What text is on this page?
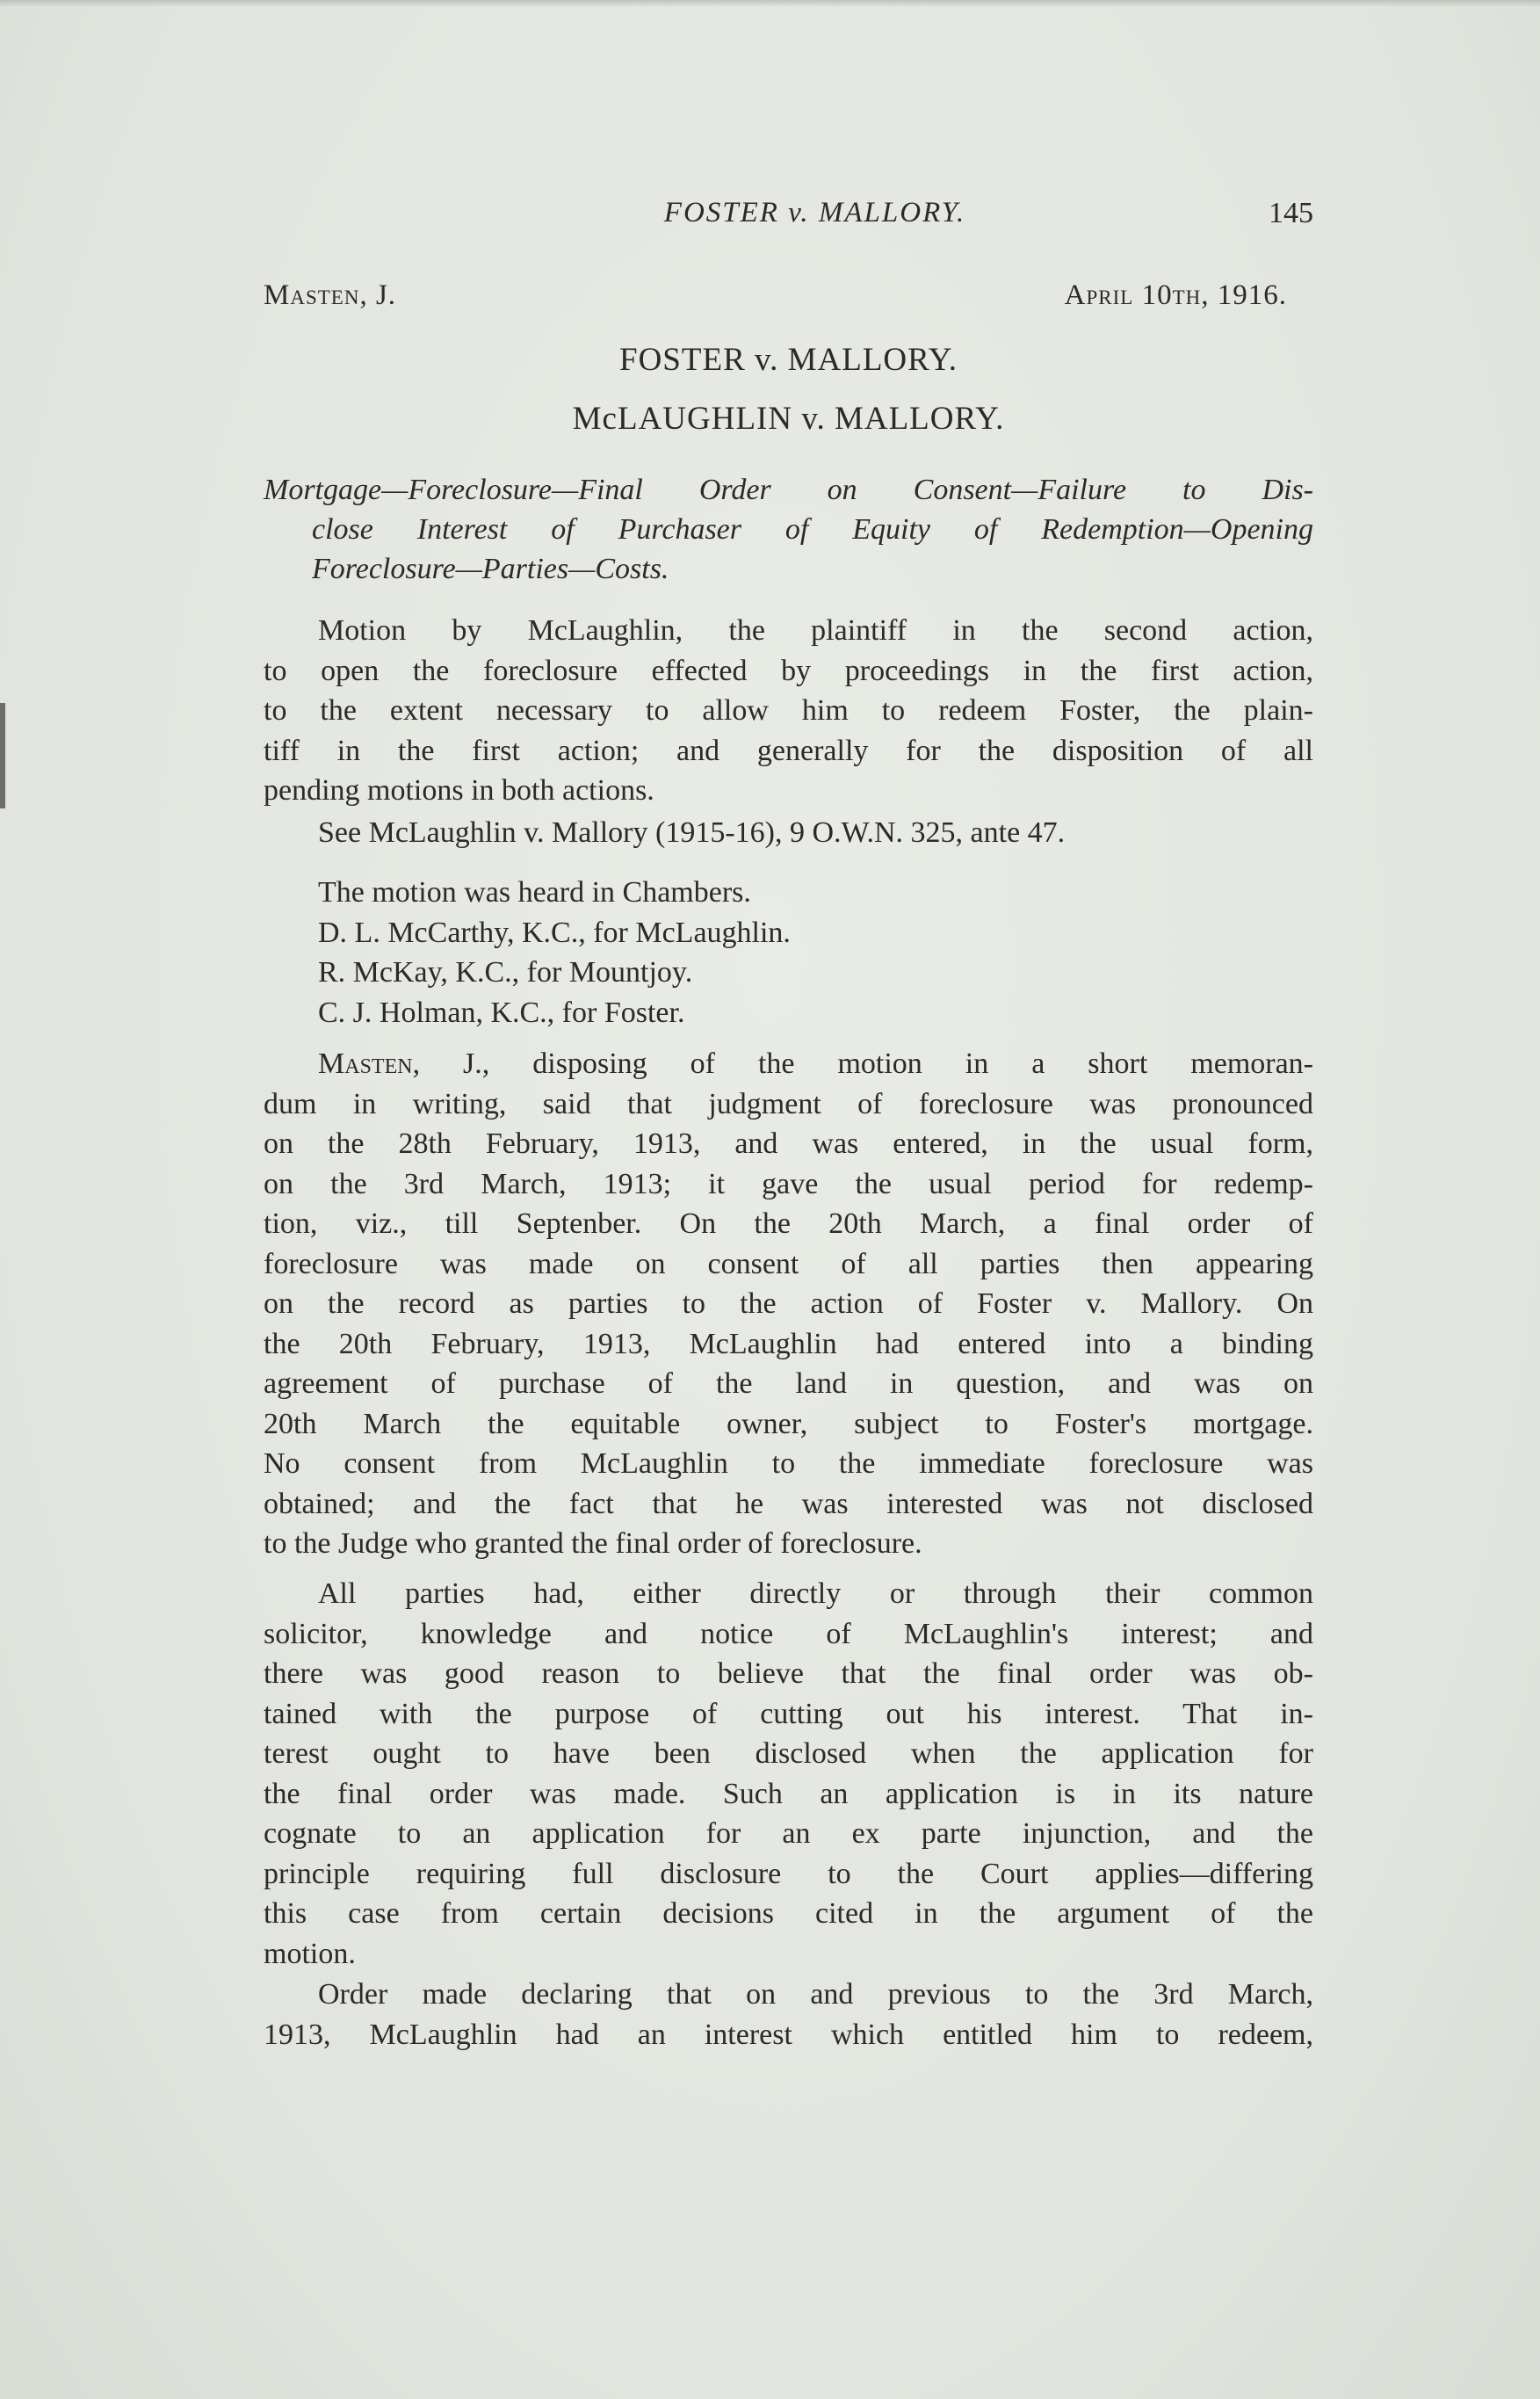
FOSTER v. MALLORY.	145
Masten, J.	April 10th, 1916.
FOSTER v. MALLORY.
McLAUGHLIN v. MALLORY.
Mortgage—Foreclosure—Final Order on Consent—Failure to Dis-
close Interest of Purchaser of Equity of Redemption—Opening
Foreclosure—Parties—Costs.
Motion by McLaughlin, the plaintiff in the second action,
to open the foreclosure effected by proceedings in the first action,
to the extent necessary to allow him to redeem Foster, the plain-
tiff in the first action; and generally for the disposition of all
pending motions in both actions.
See McLaughlin v. Mallory (1915-16), 9 O.W.N. 325, ante 47.
The motion was heard in Chambers.
D. L. McCarthy, K.C., for McLaughlin.
R. McKay, K.C., for Mountjoy.
C. J. Holman, K.C., for Foster.
Masten, J., disposing of the motion in a short memoran-
dum in writing, said that judgment of foreclosure was pronounced
on the 28th February, 1913, and was entered, in the usual form,
on the 3rd March, 1913; it gave the usual period for redemp-
tion, viz., till Septenber. On the 20th March, a final order of
foreclosure was made on consent of all parties then appearing
on the record as parties to the action of Foster v. Mallory. On
the 20th February, 1913, McLaughlin had entered into a binding
agreement of purchase of the land in question, and was on
20th March the equitable owner, subject to Foster's mortgage.
No consent from McLaughlin to the immediate foreclosure was
obtained; and the fact that he was interested was not disclosed
to the Judge who granted the final order of foreclosure.
All parties had, either directly or through their common
solicitor, knowledge and notice of McLaughlin's interest; and
there was good reason to believe that the final order was ob-
tained with the purpose of cutting out his interest. That in-
terest ought to have been disclosed when the application for
the final order was made. Such an application is in its nature
cognate to an application for an ex parte injunction, and the
principle requiring full disclosure to the Court applies—differing
this case from certain decisions cited in the argument of the
motion.
Order made declaring that on and previous to the 3rd March,
1913, McLaughlin had an interest which entitled him to redeem,
